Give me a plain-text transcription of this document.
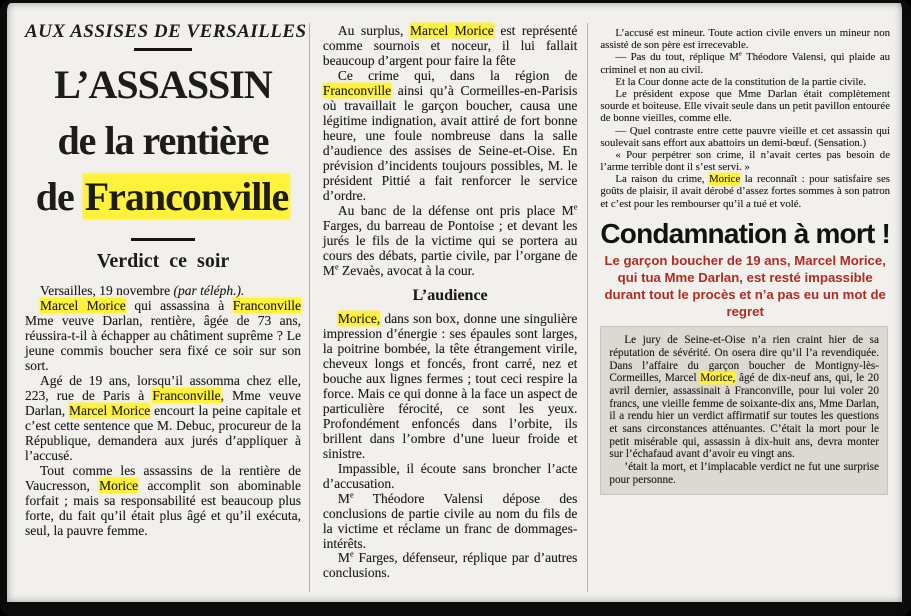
AUX ASSISES DE VERSAILLES
L’ASSASSIN
de la rentière
de Franconville
Verdict ce soir

Versailles, 19 novembre (par téléph.).

Marcel Morice qui assassina à Franconville Mme veuve Darlan, rentière, âgée de 73 ans, réussira-t-il à échapper au châtiment suprême ? Le jeune commis boucher sera fixé ce soir sur son sort.

Agé de 19 ans, lorsqu’il assomma chez elle, 223, rue de Paris à Franconville, Mme veuve Darlan, Marcel Morice encourt la peine capitale et c’est cette sentence que M. Debuc, procureur de la République, demandera aux jurés d’appliquer à l’accusé.

Tout comme les assassins de la rentière de Vaucresson, Morice accomplit son abominable forfait ; mais sa responsabilité est beaucoup plus forte, du fait qu’il était plus âgé et qu’il exécuta, seul, la pauvre femme.

Au surplus, Marcel Morice est représenté comme sournois et noceur, il lui fallait beaucoup d’argent pour faire la fête

Ce crime qui, dans la région de Franconville ainsi qu’à Cormeilles-en-Parisis où travaillait le garçon boucher, causa une légitime indignation, avait attiré de fort bonne heure, une foule nombreuse dans la salle d’audience des assises de Seine-et-Oise. En prévision d’incidents toujours possibles, M. le président Pittié a fait renforcer le service d’ordre.

Au banc de la défense ont pris place Me Farges, du barreau de Pontoise ; et devant les jurés le fils de la victime qui se portera au cours des débats, partie civile, par l’organe de Me Zevaès, avocat à la cour.

L’audience

Morice, dans son box, donne une singulière impression d’énergie : ses épaules sont larges, la poitrine bombée, la tête étrangement virile, cheveux longs et foncés, front carré, nez et bouche aux lignes fermes ; tout ceci respire la force. Mais ce qui donne à la face un aspect de particulière férocité, ce sont les yeux. Profondément enfoncés dans l’orbite, ils brillent dans l’ombre d’une lueur froide et sinistre.

Impassible, il écoute sans broncher l’acte d’accusation.

Me Théodore Valensi dépose des conclusions de partie civile au nom du fils de la victime et réclame un franc de dommages-intérêts.

Me Farges, défenseur, réplique par d’autres conclusions.

L’accusé est mineur. Toute action civile envers un mineur non assisté de son père est irrecevable.

— Pas du tout, réplique Me Théodore Valensi, qui plaide au criminel et non au civil.

Et la Cour donne acte de la constitution de la partie civile.

Le président expose que Mme Darlan était complètement sourde et boiteuse. Elle vivait seule dans un petit pavillon entourée de bonne vieilles, comme elle.

— Quel contraste entre cette pauvre vieille et cet assassin qui soulevait sans effort aux abattoirs un demi-bœuf. (Sensation.)

« Pour perpétrer son crime, il n’avait certes pas besoin de l’arme terrible dont il s’est servi. »

La raison du crime, Morice la reconnaît : pour satisfaire ses goûts de plaisir, il avait dérobé d’assez fortes sommes à son patron et c’est pour les rembourser qu’il a tué et volé.

Condamnation à mort !
Le garçon boucher de 19 ans, Marcel Morice, qui tua Mme Darlan, est resté impassible durant tout le procès et n’a pas eu un mot de regret

Le jury de Seine-et-Oise n’a rien craint hier de sa réputation de sévérité. On osera dire qu’il l’a revendiquée. Dans l’affaire du garçon boucher de Montigny-lès-Cormeilles, Marcel Morice, âgé de dix-neuf ans, qui, le 20 avril dernier, assassinait à Franconville, pour lui voler 20 francs, une vieille femme de soixante-dix ans, Mme Darlan, il a rendu hier un verdict affirmatif sur toutes les questions et sans circonstances atténuantes. C’était la mort pour le petit misérable qui, assassin à dix-huit ans, devra monter sur l’échafaud avant d’avoir eu vingt ans.

’était la mort, et l’implacable verdict ne fut une surprise pour personne.
